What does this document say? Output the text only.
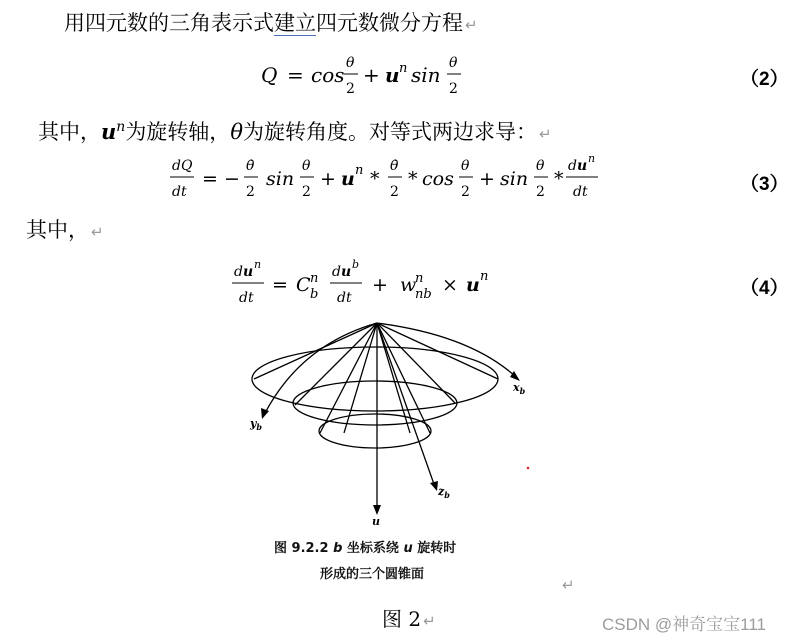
用四元数的三角表示式建立四元数微分方程 ↵
Q = cos θ
2
+ u n sin θ
2	（2）
其中，$u^n$为旋转轴，θ为旋转角度。对等式两边求导： ↵
dQ
dt
= −
θ̇
2
sin
θ
2
+ u n *
θ̇
2
* cos
θ
2
+ sin
θ
2
*
d u n
dt	（3）
其中， ↵
d u n
dt
= C n
b
d u b
dt
+ w
n
nb × u n
（4）
$x_b$
$y_b$
$z_b$
u
图 9.2.2 b 坐标系绕 u 旋转时
形成的三个圆锥面
↵
图 2 ↵	CSDN @神奇宝宝111
